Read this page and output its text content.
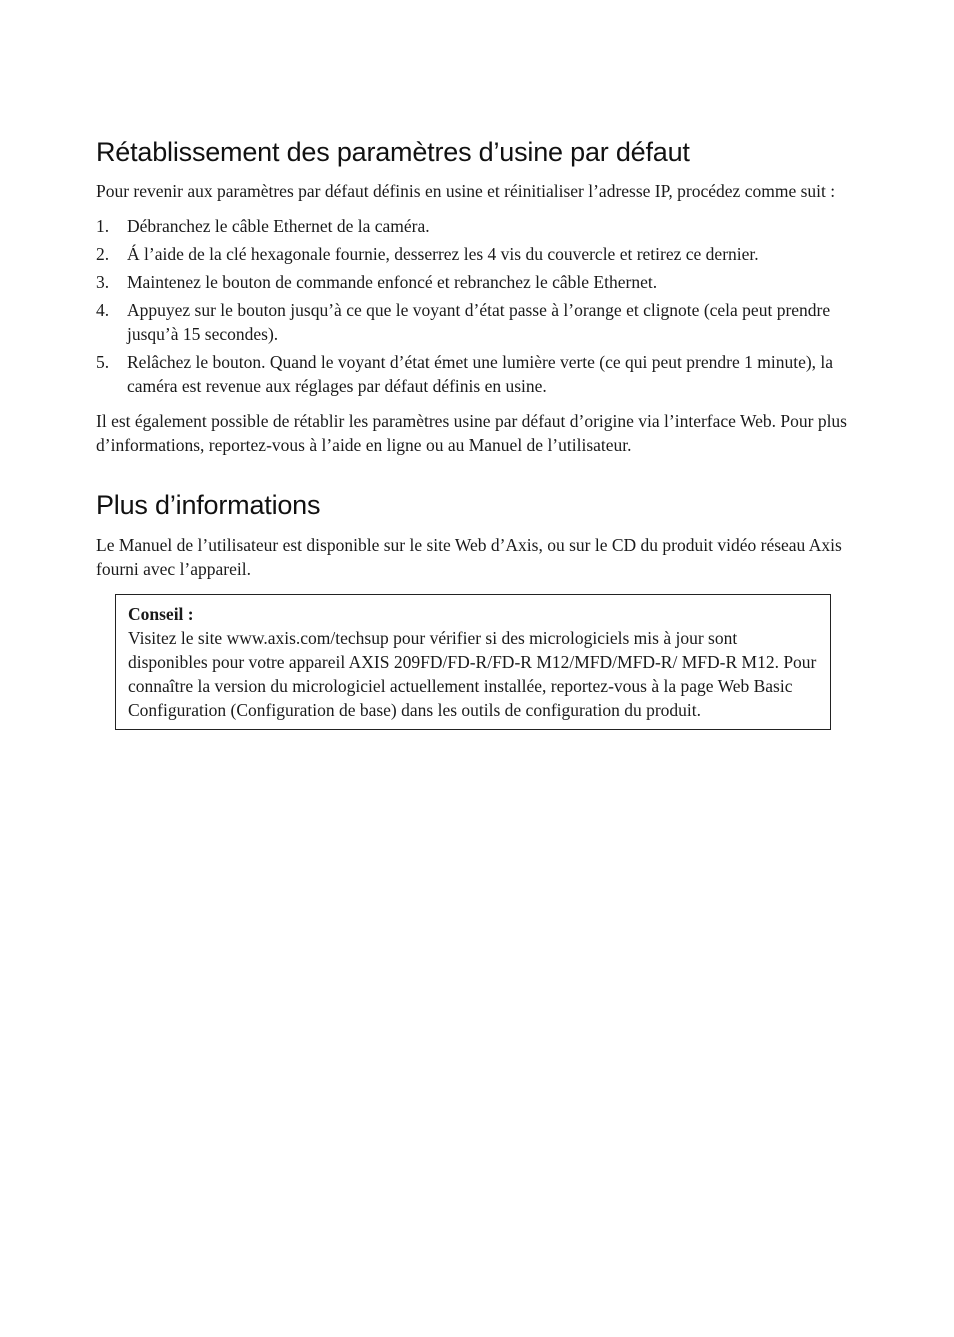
Rétablissement des paramètres d’usine par défaut

Pour revenir aux paramètres par défaut définis en usine et réinitialiser l’adresse IP, procédez comme suit :

1. Débranchez le câble Ethernet de la caméra.
2. Á l’aide de la clé hexagonale fournie, desserrez les 4 vis du couvercle et retirez ce dernier.
3. Maintenez le bouton de commande enfoncé et rebranchez le câble Ethernet.
4. Appuyez sur le bouton jusqu’à ce que le voyant d’état passe à l’orange et clignote (cela peut prendre jusqu’à 15 secondes).
5. Relâchez le bouton. Quand le voyant d’état émet une lumière verte (ce qui peut prendre 1 minute), la caméra est revenue aux réglages par défaut définis en usine.

Il est également possible de rétablir les paramètres usine par défaut d’origine via l’interface Web. Pour plus d’informations, reportez-vous à l’aide en ligne ou au Manuel de l’utilisateur.

Plus d’informations

Le Manuel de l’utilisateur est disponible sur le site Web d’Axis, ou sur le CD du produit vidéo réseau Axis fourni avec l’appareil.

Conseil :
Visitez le site www.axis.com/techsup pour vérifier si des micrologiciels mis à jour sont disponibles pour votre appareil AXIS 209FD/FD-R/FD-R M12/MFD/MFD-R/ MFD-R M12. Pour connaître la version du micrologiciel actuellement installée, reportez-vous à la page Web Basic Configuration (Configuration de base) dans les outils de configuration du produit.
